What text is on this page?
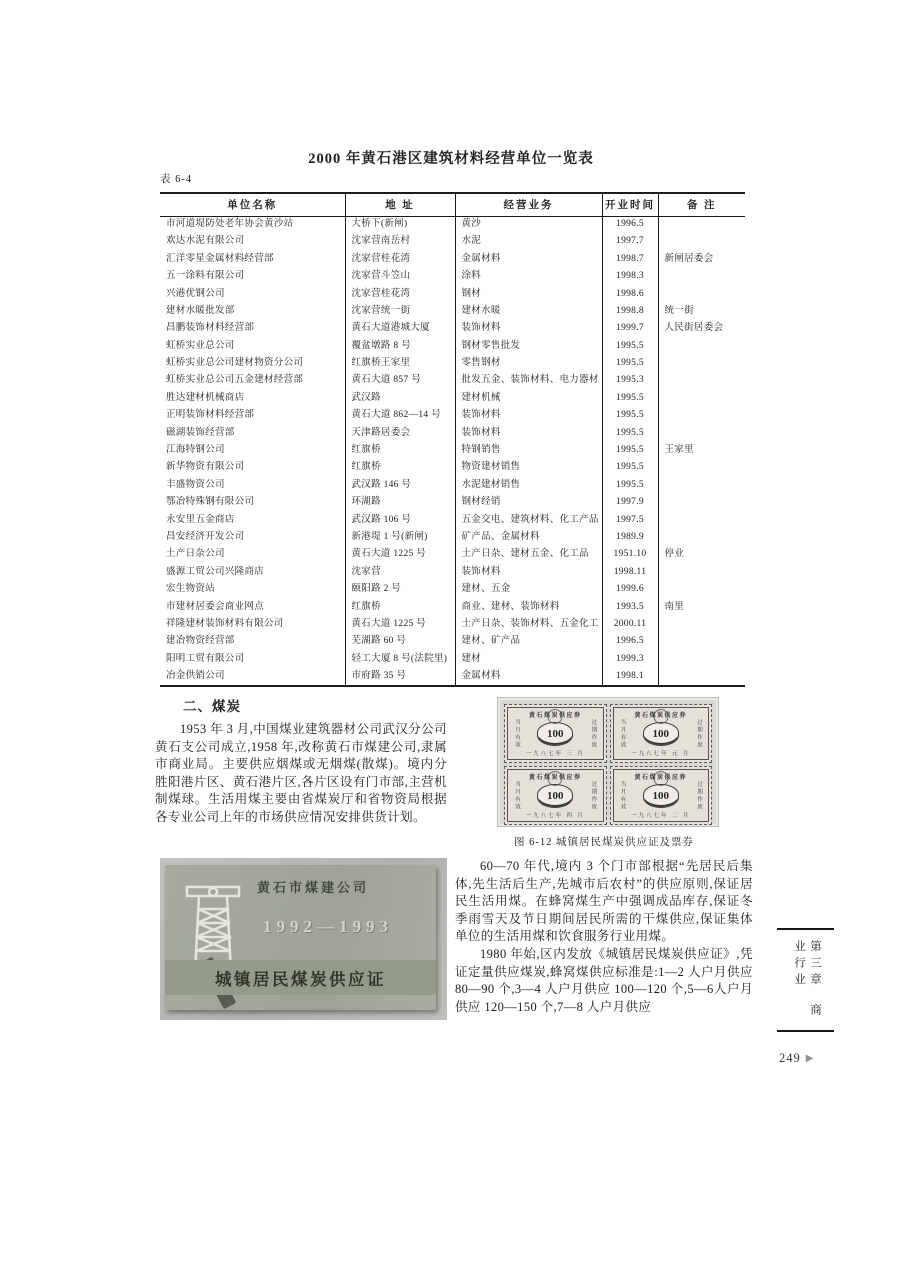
2000 年黄石港区建筑材料经营单位一览表
表 6-4
单位名称	地 址	经营业务	开业时间	备 注
市河道堤防处老年协会黄沙站	大桥下(新闸)	黄沙	1996.5	
欢达水泥有限公司	沈家营南岳村	水泥	1997.7	
汇洋零星金属材料经营部	沈家营桂花湾	金属材料	1998.7	新闸居委会
五一涂料有限公司	沈家营斗笠山	涂料	1998.3	
兴港优钢公司	沈家营桂花湾	钢材	1998.6	
建材水暖批发部	沈家营统一街	建材水暖	1998.8	统一街
昌鹏装饰材料经营部	黄石大道港城大厦	装饰材料	1999.7	人民街居委会
虹桥实业总公司	覆盆墩路 8 号	钢材零售批发	1995.5	
虹桥实业总公司建材物资分公司	红旗桥王家里	零售钢材	1995.5	
虹桥实业总公司五金建材经营部	黄石大道 857 号	批发五金、装饰材料、电力器材	1995.3	
胜达建材机械商店	武汉路	建材机械	1995.5	
正明装饰材料经营部	黄石大道 862—14 号	装饰材料	1995.5	
磁湖装饰经营部	天津路居委会	装饰材料	1995.5	
江海特钢公司	红旗桥	特钢销售	1995.5	王家里
新华物资有限公司	红旗桥	物资建材销售	1995.5	
丰盛物资公司	武汉路 146 号	水泥建材销售	1995.5	
鄂冶特殊钢有限公司	环湖路	钢材经销	1997.9	
永安里五金商店	武汉路 106 号	五金交电、建筑材料、化工产品	1997.5	
昌安经济开发公司	新港堤 1 号(新闸)	矿产品、金属材料	1989.9	
土产日杂公司	黄石大道 1225 号	土产日杂、建材五金、化工品	1951.10	停业
盛源工贸公司兴隆商店	沈家营	装饰材料	1998.11	
宏生物资站	颐阳路 2 号	建材、五金	1999.6	
市建材居委会商业网点	红旗桥	商业、建材、装饰材料	1993.5	南里
祥隆建材装饰材料有限公司	黄石大道 1225 号	土产日杂、装饰材料、五金化工	2000.11	
建冶物资经营部	芜湖路 60 号	建材、矿产品	1996.5	
阳明工贸有限公司	轻工大厦 8 号(法院里)	建材	1999.3	
冶金供销公司	市府路 35 号	金属材料	1998.1	
二、煤炭

1953 年 3 月,中国煤业建筑器材公司武汉分公司黄石支公司成立,1958 年,改称黄石市煤建公司,隶属市商业局。主要供应烟煤或无烟煤(散煤)。境内分胜阳港片区、黄石港片区,各片区设有门市部,主营机制煤球。生活用煤主要由省煤炭厅和省物资局根据各专业公司上年的市场供应情况安排供货计划。

黄石市煤建公司
1992—1993
城镇居民煤炭供应证
黄石煤炭供应券
当月有效	100	过期作废
一九八七年 三 月
黄石煤炭供应券
当月有效	100	过期作废
一九八七年 元 月
黄石煤炭供应券
当月有效	100	过期作废
一九八七年 四 月
黄石煤炭供应券
当月有效	100	过期作废
一九八七年 二 月
图 6-12 城镇居民煤炭供应证及票券

60—70 年代,境内 3 个门市部根据“先居民后集体,先生活后生产,先城市后农村”的供应原则,保证居民生活用煤。在蜂窝煤生产中强调成品库存,保证冬季雨雪天及节日期间居民所需的干煤供应,保证集体单位的生活用煤和饮食服务行业用煤。

1980 年始,区内发放《城镇居民煤炭供应证》,凭证定量供应煤炭,蜂窝煤供应标准是:1—2 人户月供应 80—90 个,3—4 人户月供应 100—120 个,5—6人户月供应 120—150 个,7—8 人户月供应

第三章商业行业
249 ▶
